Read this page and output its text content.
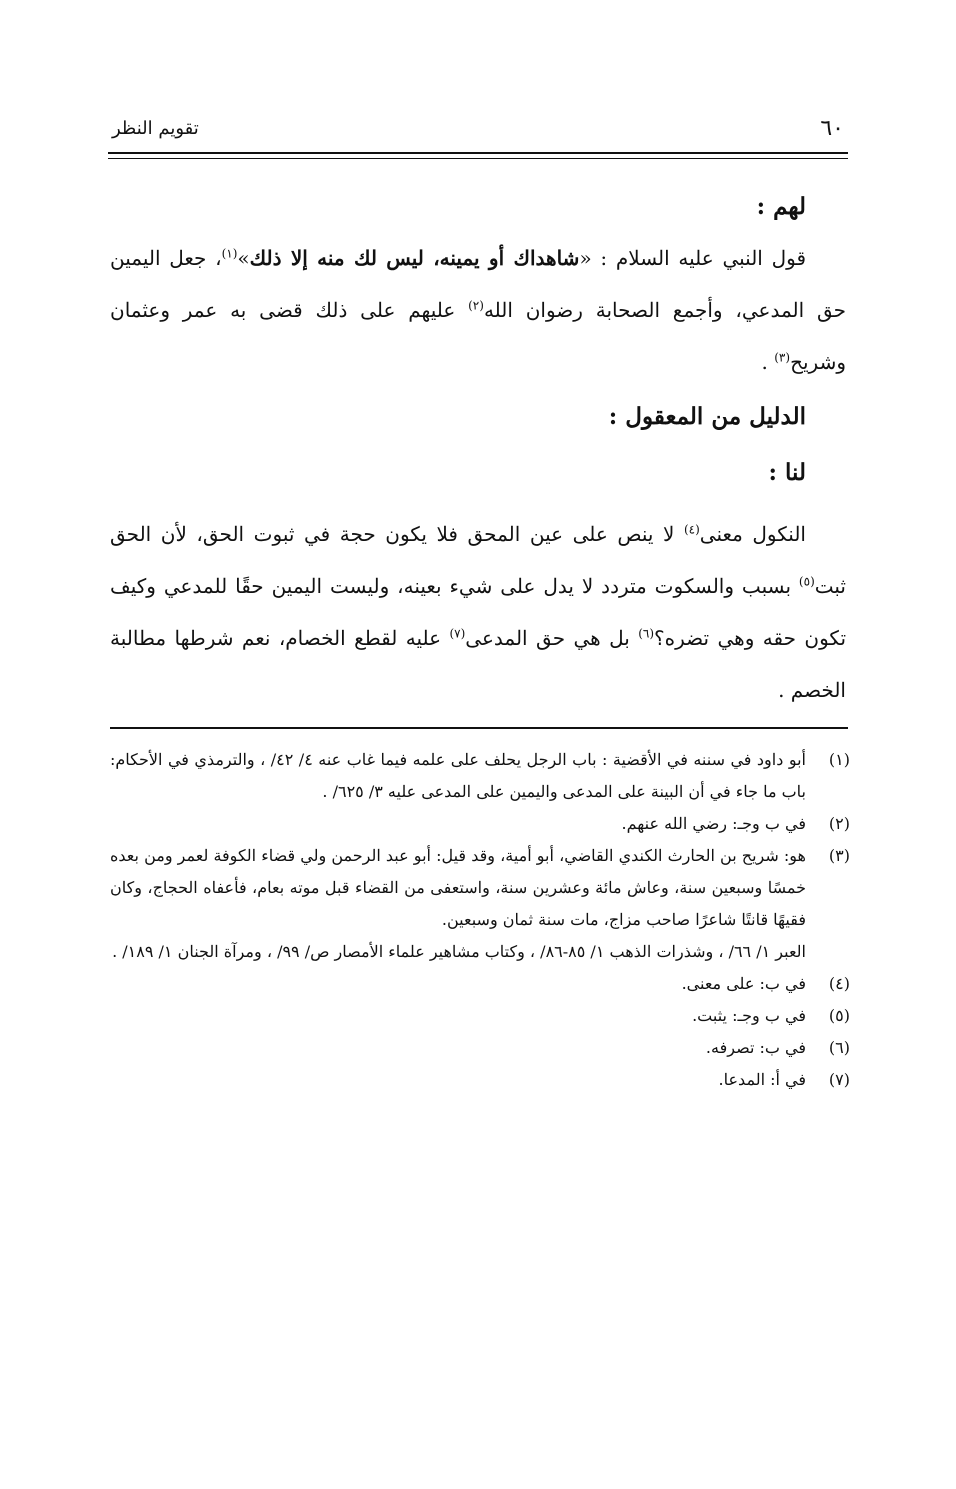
٦٠
تقويم النظر

لهم :

قول النبي عليه السلام : «شاهداك أو يمينه، ليس لك منه إلا ذلك»$^{(١)}$، جعل اليمين حق المدعي، وأجمع الصحابة رضوان الله$^{(٢)}$ عليهم على ذلك قضى به عمر وعثمان وشريح$^{(٣)}$ .

الدليل من المعقول :

لنا :

النكول معنى$^{(٤)}$ لا ينص على عين المحق فلا يكون حجة في ثبوت الحق، لأن الحق ثبت$^{(٥)}$ بسبب والسكوت متردد لا يدل على شيء بعينه، وليست اليمين حقًا للمدعي وكيف تكون حقه وهي تضره؟$^{(٦)}$ بل هي حق المدعى$^{(٧)}$ عليه لقطع الخصام، نعم شرطها مطالبة الخصم .

(١)
أبو داود في سننه في الأقضية : باب الرجل يحلف على علمه فيما غاب عنه ٤/ ٤٢/ ، والترمذي في الأحكام: باب ما جاء في أن البينة على المدعى واليمين على المدعى عليه ٣/ ٦٢٥/ .

(٢)
في ب وجـ: رضي الله عنهم.

(٣)
هو: شريح بن الحارث الكندي القاضي، أبو أمية، وقد قيل: أبو عبد الرحمن ولي قضاء الكوفة لعمر ومن بعده خمسًا وسبعين سنة، وعاش مائة وعشرين سنة، واستعفى من القضاء قبل موته بعام، فأعفاه الحجاج، وكان فقيهًا قانتًا شاعرًا صاحب مزاج، مات سنة ثمان وسبعين.

العبر ١/ ٦٦/ ، وشذرات الذهب ١/ ٨٥-٨٦/ ، وكتاب مشاهير علماء الأمصار ص/ ٩٩/ ، ومرآة الجنان ١/ ١٨٩/ .

(٤)
في ب: على معنى.

(٥)
في ب وجـ: يثبت.

(٦)
في ب: تصرفه.

(٧)
في أ: المدعا.
